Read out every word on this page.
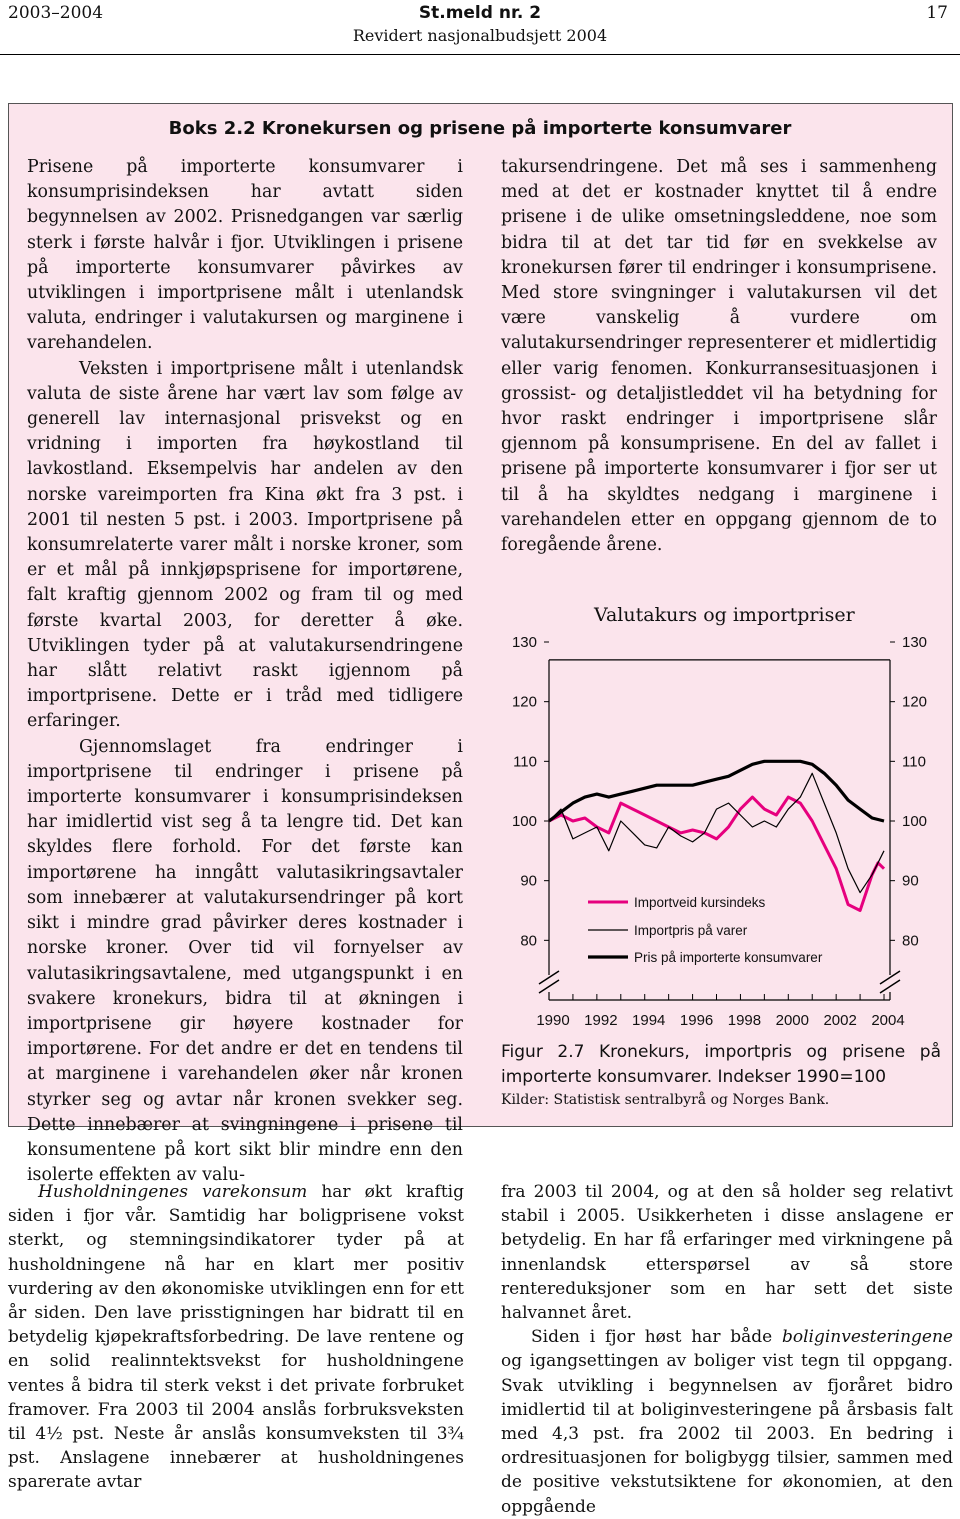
2003–2004	St.meld nr. 2
Revidert nasjonalbudsjett 2004
17
Boks 2.2 Kronekursen og prisene på importerte konsumvarer

Prisene på importerte konsumvarer i konsumprisindeksen har avtatt siden begynnelsen av 2002. Prisnedgangen var særlig sterk i første halvår i fjor. Utviklingen i prisene på importerte konsumvarer påvirkes av utviklingen i importprisene målt i utenlandsk valuta, endringer i valutakursen og marginene i varehandelen.

Veksten i importprisene målt i utenlandsk valuta de siste årene har vært lav som følge av generell lav internasjonal prisvekst og en vridning i importen fra høykostland til lavkostland. Eksempelvis har andelen av den norske vareimporten fra Kina økt fra 3 pst. i 2001 til nesten 5 pst. i 2003. Importprisene på konsumrelaterte varer målt i norske kroner, som er et mål på innkjøpsprisene for importørene, falt kraftig gjennom 2002 og fram til og med første kvartal 2003, for deretter å øke. Utviklingen tyder på at valutakursendringene har slått relativt raskt igjennom på importprisene. Dette er i tråd med tidligere erfaringer.

Gjennomslaget fra endringer i importprisene til endringer i prisene på importerte konsumvarer i konsumprisindeksen har imidlertid vist seg å ta lengre tid. Det kan skyldes flere forhold. For det første kan importørene ha inngått valutasikringsavtaler som innebærer at valutakursendringer på kort sikt i mindre grad påvirker deres kostnader i norske kroner. Over tid vil fornyelser av valutasikringsavtalene, med utgangspunkt i en svakere kronekurs, bidra til at økningen i importprisene gir høyere kostnader for importørene. For det andre er det en tendens til at marginene i varehandelen øker når kronen styrker seg og avtar når kronen svekker seg. Dette innebærer at svingningene i prisene til konsumentene på kort sikt blir mindre enn den isolerte effekten av valu-

takursendringene. Det må ses i sammenheng med at det er kostnader knyttet til å endre prisene i de ulike omsetningsleddene, noe som bidra til at det tar tid før en svekkelse av kronekursen fører til endringer i konsumprisene. Med store svingninger i valutakursen vil det være vanskelig å vurdere om valutakursendringer representerer et midlertidig eller varig fenomen. Konkurransesituasjonen i grossist- og detaljistleddet vil ha betydning for hvor raskt endringer i importprisene slår gjennom på konsumprisene. En del av fallet i prisene på importerte konsumvarer i fjor ser ut til å ha skyldtes nedgang i marginene i varehandelen etter en oppgang gjennom de to foregående årene.

Valutakurs og importpriser
80	80
90	90
100	100
110	110
120	120
130	130
1990 1992 1994 1996 1998 2000 2002 2004
Importveid kursindeks
Importpris på varer
Pris på importerte konsumvarer
Figur 2.7 Kronekurs, importpris og prisene på importerte konsumvarer. Indekser 1990=100
Kilder: Statistisk sentralbyrå og Norges Bank.

Husholdningenes varekonsum har økt kraftig siden i fjor vår. Samtidig har boligprisene vokst sterkt, og stemningsindikatorer tyder på at husholdningene nå har en klart mer positiv vurdering av den økonomiske utviklingen enn for ett år siden. Den lave prisstigningen har bidratt til en betydelig kjøpekraftsforbedring. De lave rentene og en solid realinntektsvekst for husholdningene ventes å bidra til sterk vekst i det private forbruket framover. Fra 2003 til 2004 anslås forbruksveksten til 4½ pst. Neste år anslås konsumveksten til 3¾ pst. Anslagene innebærer at husholdningenes sparerate avtar

fra 2003 til 2004, og at den så holder seg relativt stabil i 2005. Usikkerheten i disse anslagene er betydelig. En har få erfaringer med virkningene på innenlandsk etterspørsel av så store rentereduksjoner som en har sett det siste halvannet året.

Siden i fjor høst har både boliginvesteringene og igangsettingen av boliger vist tegn til oppgang. Svak utvikling i begynnelsen av fjoråret bidro imidlertid til at boliginvesteringene på årsbasis falt med 4,3 pst. fra 2002 til 2003. En bedring i ordresituasjonen for boligbygg tilsier, sammen med de positive vekstutsiktene for økonomien, at den oppgående
